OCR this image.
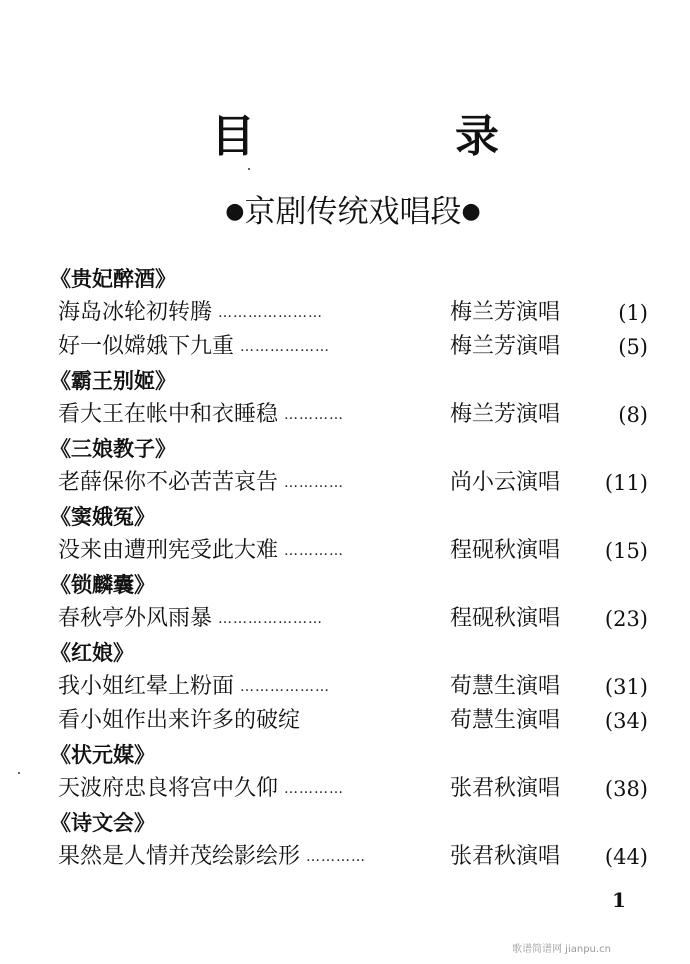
目　录
●京剧传统戏唱段●
《贵妃醉酒》
海岛冰轮初转腾 …………………	梅兰芳演唱	(1)
好一似嫦娥下九重 ………………	梅兰芳演唱	(5)
《霸王别姬》
看大王在帐中和衣睡稳 …………	梅兰芳演唱	(8)
《三娘教子》
老薛保你不必苦苦哀告 …………	尚小云演唱 (11)
《窦娥冤》
没来由遭刑宪受此大难 …………	程砚秋演唱 (15)
《锁麟囊》
春秋亭外风雨暴 …………………	程砚秋演唱 (23)
《红娘》
我小姐红晕上粉面 ………………	荀慧生演唱 (31)
看小姐作出来许多的破绽	荀慧生演唱 (34)
《状元媒》
天波府忠良将宫中久仰 …………	张君秋演唱 (38)
《诗文会》
果然是人情并茂绘影绘形 …………	张君秋演唱 (44)
1
歌谱简谱网 jianpu.cn
